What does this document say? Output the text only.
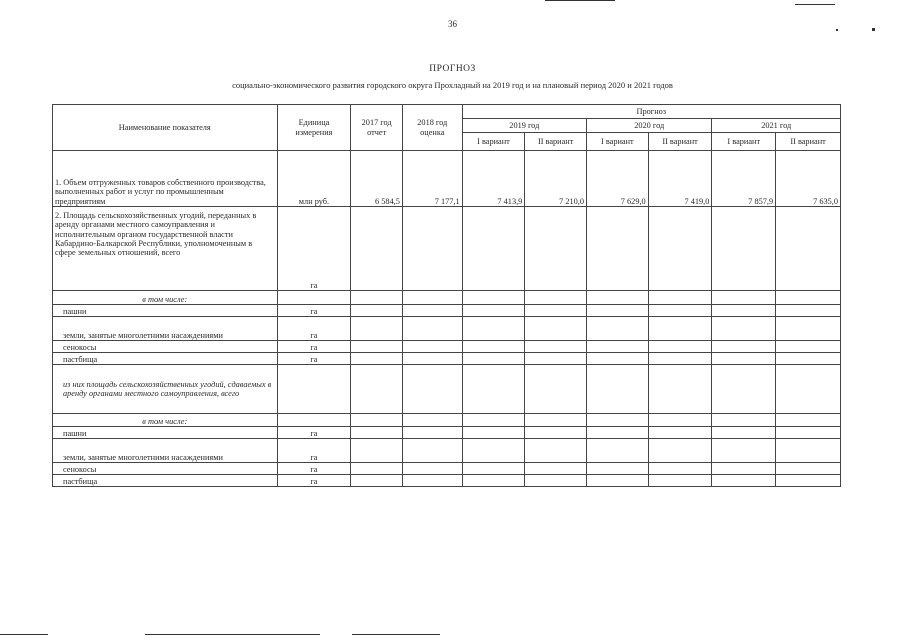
36
ПРОГНОЗ
социально-экономического развития городского округа Прохладный на 2019 год и на плановый период 2020 и 2021 годов
Наименование показателя	Единица измерения	2017 год отчет	2018 год оценка	Прогноз					
				2019 год		2020 год		2021 год	
				I вариант	II вариант	I вариант	II вариант	I вариант	II вариант
1. Объем отгруженных товаров собственного производства, выполненных работ и услуг по промышленным предприятиям	млн руб.	6 584,5	7 177,1	7 413,9	7 210,0	7 629,0	7 419,0	7 857,9	7 635,0
2. Площадь сельскохозяйственных угодий, переданных в аренду органами местного самоуправления и исполнительным органом государственной власти Кабардино-Балкарской Республики, уполномоченным в сфере земельных отношений, всего	га								
в том числе:									
пашни	га								
земли, занятые многолетними насаждениями	га								
сенокосы	га								
пастбища	га								
из них площадь сельскохозяйственных угодий, сдаваемых в аренду органами местного самоуправления, всего									
в том числе:									
пашни	га								
земли, занятые многолетними насаждениями	га								
сенокосы	га								
пастбища	га								
